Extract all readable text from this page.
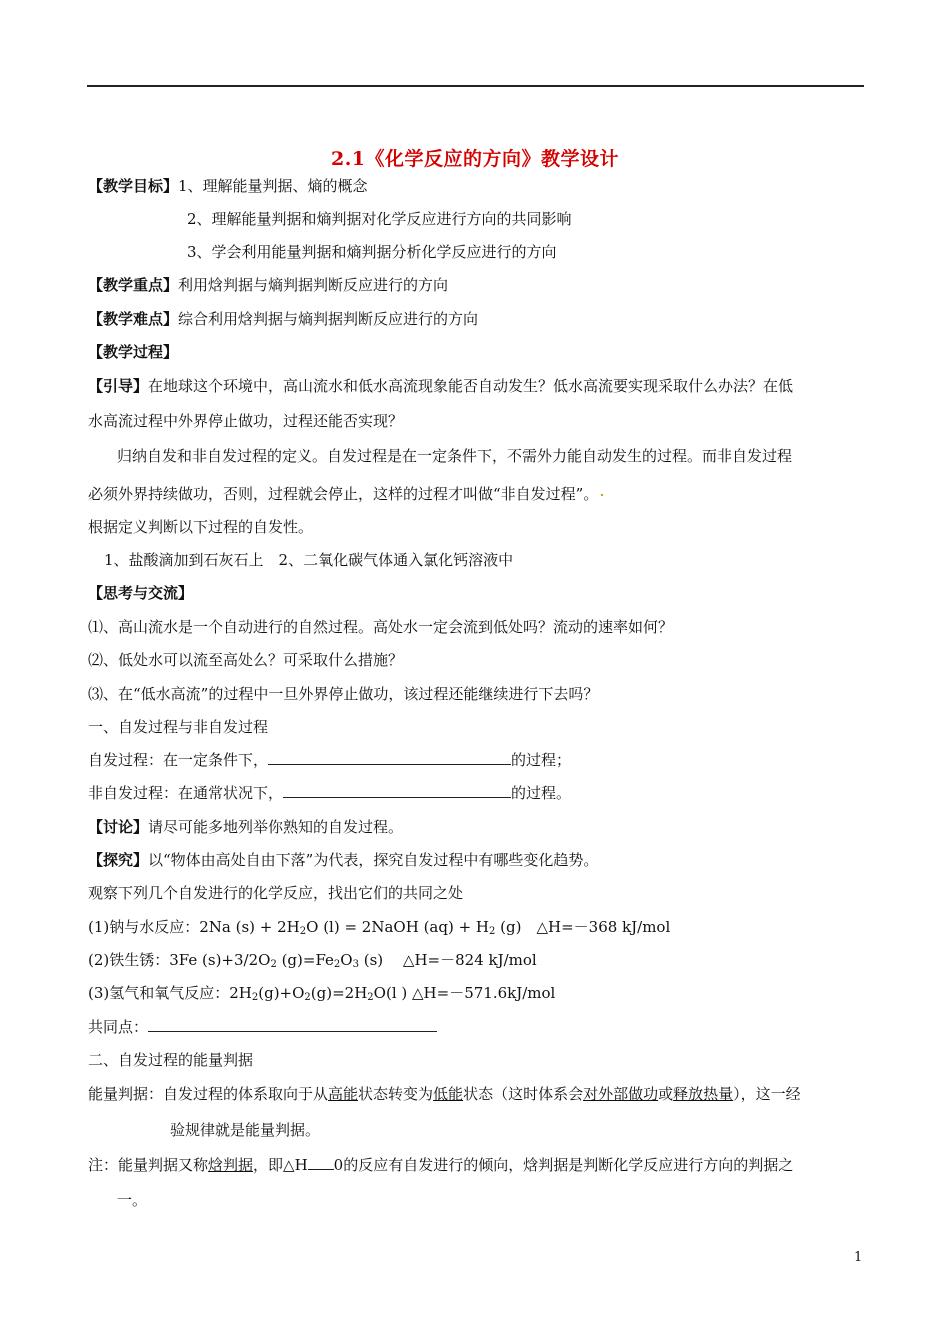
2.1《化学反应的方向》教学设计
【教学目标】1、理解能量判据、熵的概念
2、理解能量判据和熵判据对化学反应进行方向的共同影响
3、学会利用能量判据和熵判据分析化学反应进行的方向
【教学重点】利用焓判据与熵判据判断反应进行的方向
【教学难点】综合利用焓判据与熵判据判断反应进行的方向
【教学过程】
【引导】在地球这个环境中，高山流水和低水高流现象能否自动发生？低水高流要实现采取什么办法？在低
水高流过程中外界停止做功，过程还能否实现？
归纳自发和非自发过程的定义。自发过程是在一定条件下，不需外力能自动发生的过程。而非自发过程
必须外界持续做功，否则，过程就会停止，这样的过程才叫做“非自发过程”。
根据定义判断以下过程的自发性。
1、盐酸滴加到石灰石上　2、二氧化碳气体通入氯化钙溶液中
【思考与交流】
⑴、高山流水是一个自动进行的自然过程。高处水一定会流到低处吗？流动的速率如何？
⑵、低处水可以流至高处么？可采取什么措施？
⑶、在“低水高流”的过程中一旦外界停止做功，该过程还能继续进行下去吗？
一、自发过程与非自发过程
自发过程：在一定条件下，	的过程；
非自发过程：在通常状况下，	的过程。
【讨论】请尽可能多地列举你熟知的自发过程。
【探究】以“物体由高处自由下落”为代表，探究自发过程中有哪些变化趋势。
观察下列几个自发进行的化学反应，找出它们的共同之处
(1)钠与水反应：2Na $(s) + 2H_2O$ (l) = 2NaOH $(aq) + H_2$ (g)　△H=－368 kJ/mol
(2)铁生锈：3Fe $(s)+3/2O_2$ $(g)=Fe_2O_3$ (s)　 △H=－824 kJ/mol
(3)氢气和氧气反应：$2H_2(g)+O_2(g)=2H_2O(l$ ) △H=－571.6kJ/mol
共同点：
二、自发过程的能量判据
能量判据：自发过程的体系取向于从高能状态转变为低能状态（这时体系会对外部做功或释放热量），这一经
验规律就是能量判据。
注：能量判据又称焓判据，即△H 0的反应有自发进行的倾向，焓判据是判断化学反应进行方向的判据之
一。
1
